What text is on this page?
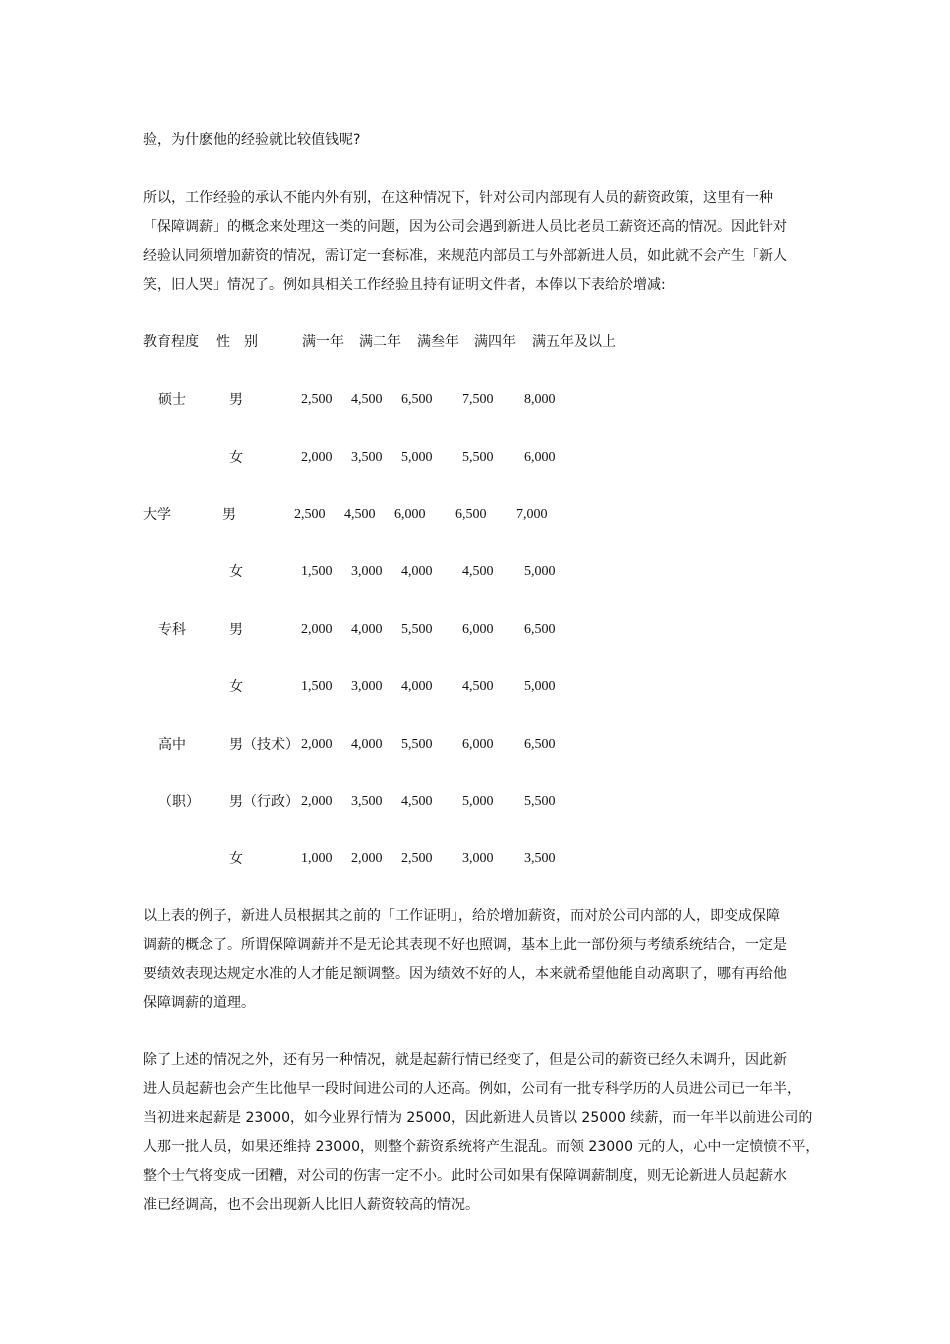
验，为什麽他的经验就比较值钱呢?
所以，工作经验的承认不能内外有别，在这种情况下，针对公司内部现有人员的薪资政策，这里有一种
「保障调薪」的概念来处理这一类的问题，因为公司会遇到新进人员比老员工薪资还高的情况。因此针对
经验认同须增加薪资的情况，需订定一套标准，来规范内部员工与外部新进人员，如此就不会产生「新人
笑，旧人哭」情况了。例如具相关工作经验且持有证明文件者，本俸以下表给於增减:
教育程度 性　别	满一年 满二年 满叁年 满四年 满五年及以上
硕士	男	2,500 4,500 6,500 7,500 8,000
女	2,000 3,500 5,000 5,500 6,000
大学	男	2,500 4,500 6,000 6,500 7,000
女	1,500 3,000 4,000 4,500 5,000
专科	男	2,000 4,000 5,500 6,000 6,500
女	1,500 3,000 4,000 4,500 5,000
高中	男（技术） 2,000 4,000 5,500 6,000 6,500
（职） 男（行政） 2,000 3,500 4,500 5,000 5,500
女	1,000 2,000 2,500 3,000 3,500
以上表的例子，新进人员根据其之前的「工作证明」，给於增加薪资，而对於公司内部的人，即变成保障
调薪的概念了。所谓保障调薪并不是无论其表现不好也照调，基本上此一部份须与考绩系统结合，一定是
要绩效表现达规定水准的人才能足额调整。因为绩效不好的人，本来就希望他能自动离职了，哪有再给他
保障调薪的道理。
除了上述的情况之外，还有另一种情况，就是起薪行情已经变了，但是公司的薪资已经久未调升，因此新
进人员起薪也会产生比他早一段时间进公司的人还高。例如，公司有一批专科学历的人员进公司已一年半，
当初进来起薪是 23000，如今业界行情为 25000，因此新进人员皆以 25000 续薪，而一年半以前进公司的
人那一批人员，如果还维持 23000，则整个薪资系统将产生混乱。而领 23000 元的人，心中一定愤愤不平，
整个士气将变成一团糟，对公司的伤害一定不小。此时公司如果有保障调薪制度，则无论新进人员起薪水
准已经调高，也不会出现新人比旧人薪资较高的情况。
